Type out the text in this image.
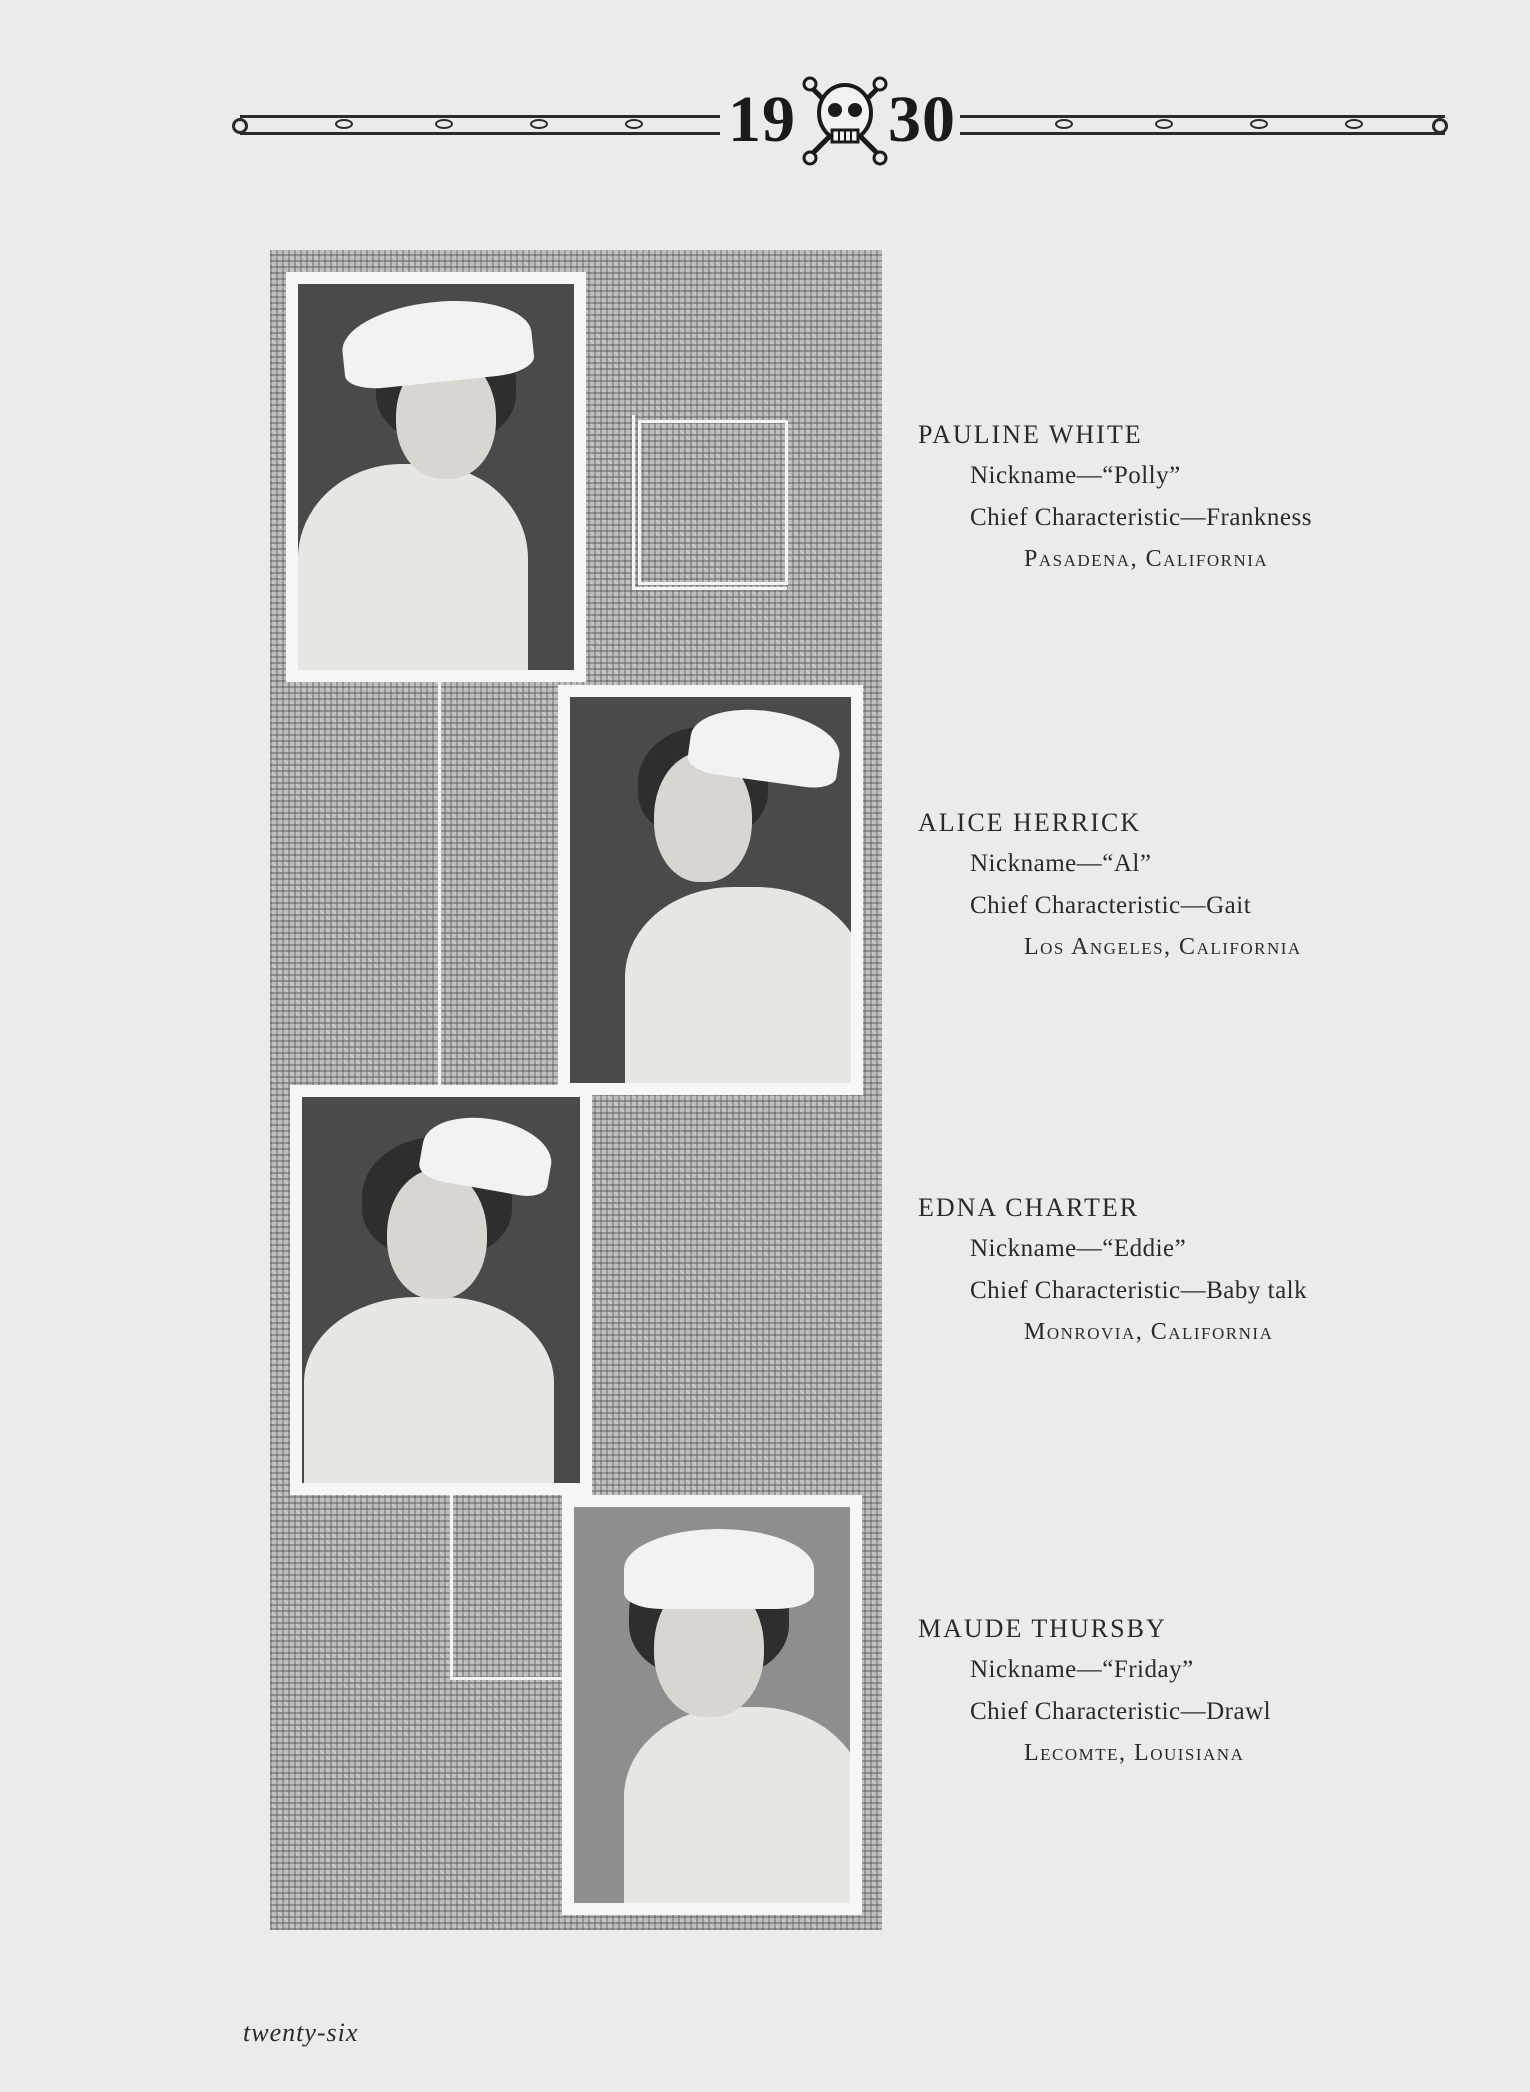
19 30
PAULINE WHITE
Nickname—“Polly”
Chief Characteristic—Frankness
Pasadena, California
ALICE HERRICK
Nickname—“Al”
Chief Characteristic—Gait
Los Angeles, California
EDNA CHARTER
Nickname—“Eddie”
Chief Characteristic—Baby talk
Monrovia, California
MAUDE THURSBY
Nickname—“Friday”
Chief Characteristic—Drawl
Lecomte, Louisiana
twenty-six
